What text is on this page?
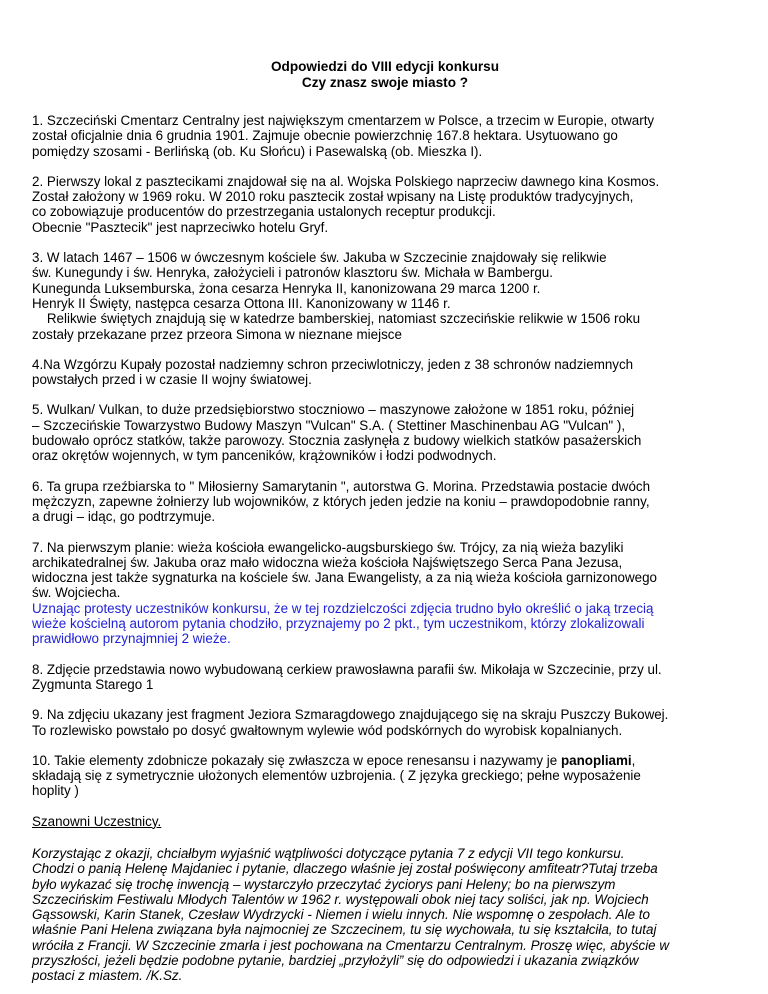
Odpowiedzi do VIII edycji konkursu
Czy znasz swoje miasto ?

1. Szczeciński Cmentarz Centralny jest największym cmentarzem w Polsce, a trzecim w Europie, otwarty
został oficjalnie dnia 6 grudnia 1901. Zajmuje obecnie powierzchnię 167.8 hektara. Usytuowano go
pomiędzy szosami - Berlińską (ob. Ku Słońcu) i Pasewalską (ob. Mieszka I).

2. Pierwszy lokal z pasztecikami znajdował się na al. Wojska Polskiego naprzeciw dawnego kina Kosmos.
Został założony w 1969 roku. W 2010 roku pasztecik został wpisany na Listę produktów tradycyjnych,
co zobowiązuje producentów do przestrzegania ustalonych receptur produkcji.
Obecnie "Pasztecik" jest naprzeciwko hotelu Gryf.

3. W latach 1467 – 1506 w ówczesnym kościele św. Jakuba w Szczecinie znajdowały się relikwie
św. Kunegundy i św. Henryka, założycieli i patronów klasztoru św. Michała w Bambergu.
Kunegunda Luksemburska, żona cesarza Henryka II, kanonizowana 29 marca 1200 r.
Henryk II Święty, następca cesarza Ottona III. Kanonizowany w 1146 r.
Relikwie świętych znajdują się w katedrze bamberskiej, natomiast szczecińskie relikwie w 1506 roku
zostały przekazane przez przeora Simona w nieznane miejsce

4.Na Wzgórzu Kupały pozostał nadziemny schron przeciwlotniczy, jeden z 38 schronów nadziemnych
powstałych przed i w czasie II wojny światowej.

5. Wulkan/ Vulkan, to duże przedsiębiorstwo stoczniowo – maszynowe założone w 1851 roku, później
– Szczecińskie Towarzystwo Budowy Maszyn "Vulcan" S.A. ( Stettiner Maschinenbau AG "Vulcan" ),
budowało oprócz statków, także parowozy. Stocznia zasłynęła z budowy wielkich statków pasażerskich
oraz okrętów wojennych, w tym panceników, krążowników i łodzi podwodnych.

6. Ta grupa rzeźbiarska to " Miłosierny Samarytanin ", autorstwa G. Morina. Przedstawia postacie dwóch
mężczyzn, zapewne żołnierzy lub wojowników, z których jeden jedzie na koniu – prawdopodobnie ranny,
a drugi – idąc, go podtrzymuje.

7. Na pierwszym planie: wieża kościoła ewangelicko-augsburskiego św. Trójcy, za nią wieża bazyliki
archikatedralnej św. Jakuba oraz mało widoczna wieża kościoła Najświętszego Serca Pana Jezusa,
widoczna jest także sygnaturka na kościele św. Jana Ewangelisty, a za nią wieża kościoła garnizonowego
św. Wojciecha.
Uznając protesty uczestników konkursu, że w tej rozdzielczości zdjęcia trudno było określić o jaką trzecią
wieże kościelną autorom pytania chodziło, przyznajemy po 2 pkt., tym uczestnikom, którzy zlokalizowali
prawidłowo przynajmniej 2 wieże.

8. Zdjęcie przedstawia nowo wybudowaną cerkiew prawosławna parafii św. Mikołaja w Szczecinie, przy ul.
Zygmunta Starego 1

9. Na zdjęciu ukazany jest fragment Jeziora Szmaragdowego znajdującego się na skraju Puszczy Bukowej.
To rozlewisko powstało po dosyć gwałtownym wylewie wód podskórnych do wyrobisk kopalnianych.

10. Takie elementy zdobnicze pokazały się zwłaszcza w epoce renesansu i nazywamy je panopliami,
składają się z symetrycznie ułożonych elementów uzbrojenia. ( Z języka greckiego; pełne wyposażenie
hoplity )

Szanowni Uczestnicy.

Korzystając z okazji, chciałbym wyjaśnić wątpliwości dotyczące pytania 7 z edycji VII tego konkursu.
Chodzi o panią Helenę Majdaniec i pytanie, dlaczego właśnie jej został poświęcony amfiteatr?Tutaj trzeba
było wykazać się trochę inwencją – wystarczyło przeczytać życiorys pani Heleny; bo na pierwszym
Szczecińskim Festiwalu Młodych Talentów w 1962 r. występowali obok niej tacy soliści, jak np. Wojciech
Gąssowski, Karin Stanek, Czesław Wydrzycki - Niemen i wielu innych. Nie wspomnę o zespołach. Ale to
właśnie Pani Helena związana była najmocniej ze Szczecinem, tu się wychowała, tu się kształciła, to tutaj
wróciła z Francji. W Szczecinie zmarła i jest pochowana na Cmentarzu Centralnym. Proszę więc, abyście w
przyszłości, jeżeli będzie podobne pytanie, bardziej „przyłożyli” się do odpowiedzi i ukazania związków
postaci z miastem. /K.Sz.
